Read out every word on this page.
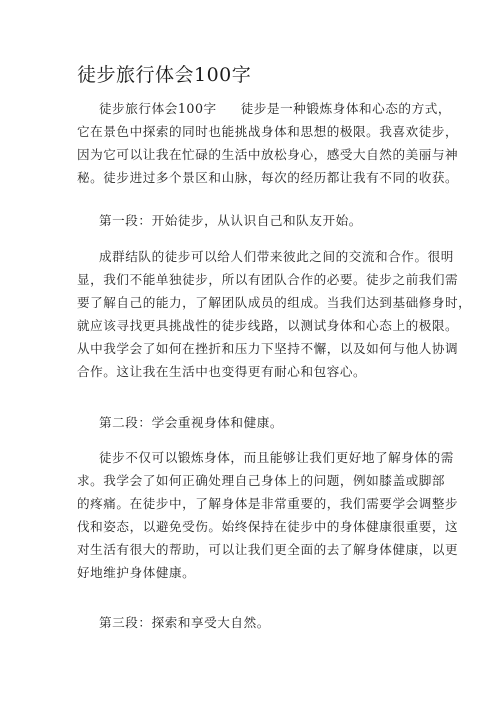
徒步旅行体会100字
徒步旅行体会100字 徒步是一种锻炼身体和心态的方式，
它在景色中探索的同时也能挑战身体和思想的极限。我喜欢徒步，
因为它可以让我在忙碌的生活中放松身心，感受大自然的美丽与神
秘。徒步进过多个景区和山脉，每次的经历都让我有不同的收获。
第一段：开始徒步，从认识自己和队友开始。
成群结队的徒步可以给人们带来彼此之间的交流和合作。很明
显，我们不能单独徒步，所以有团队合作的必要。徒步之前我们需
要了解自己的能力，了解团队成员的组成。当我们达到基础修身时，
就应该寻找更具挑战性的徒步线路，以测试身体和心态上的极限。
从中我学会了如何在挫折和压力下坚持不懈，以及如何与他人协调
合作。这让我在生活中也变得更有耐心和包容心。
第二段：学会重视身体和健康。
徒步不仅可以锻炼身体，而且能够让我们更好地了解身体的需
求。我学会了如何正确处理自己身体上的问题，例如膝盖或脚部
的疼痛。在徒步中，了解身体是非常重要的，我们需要学会调整步
伐和姿态，以避免受伤。始终保持在徒步中的身体健康很重要，这
对生活有很大的帮助，可以让我们更全面的去了解身体健康，以更
好地维护身体健康。
第三段：探索和享受大自然。
